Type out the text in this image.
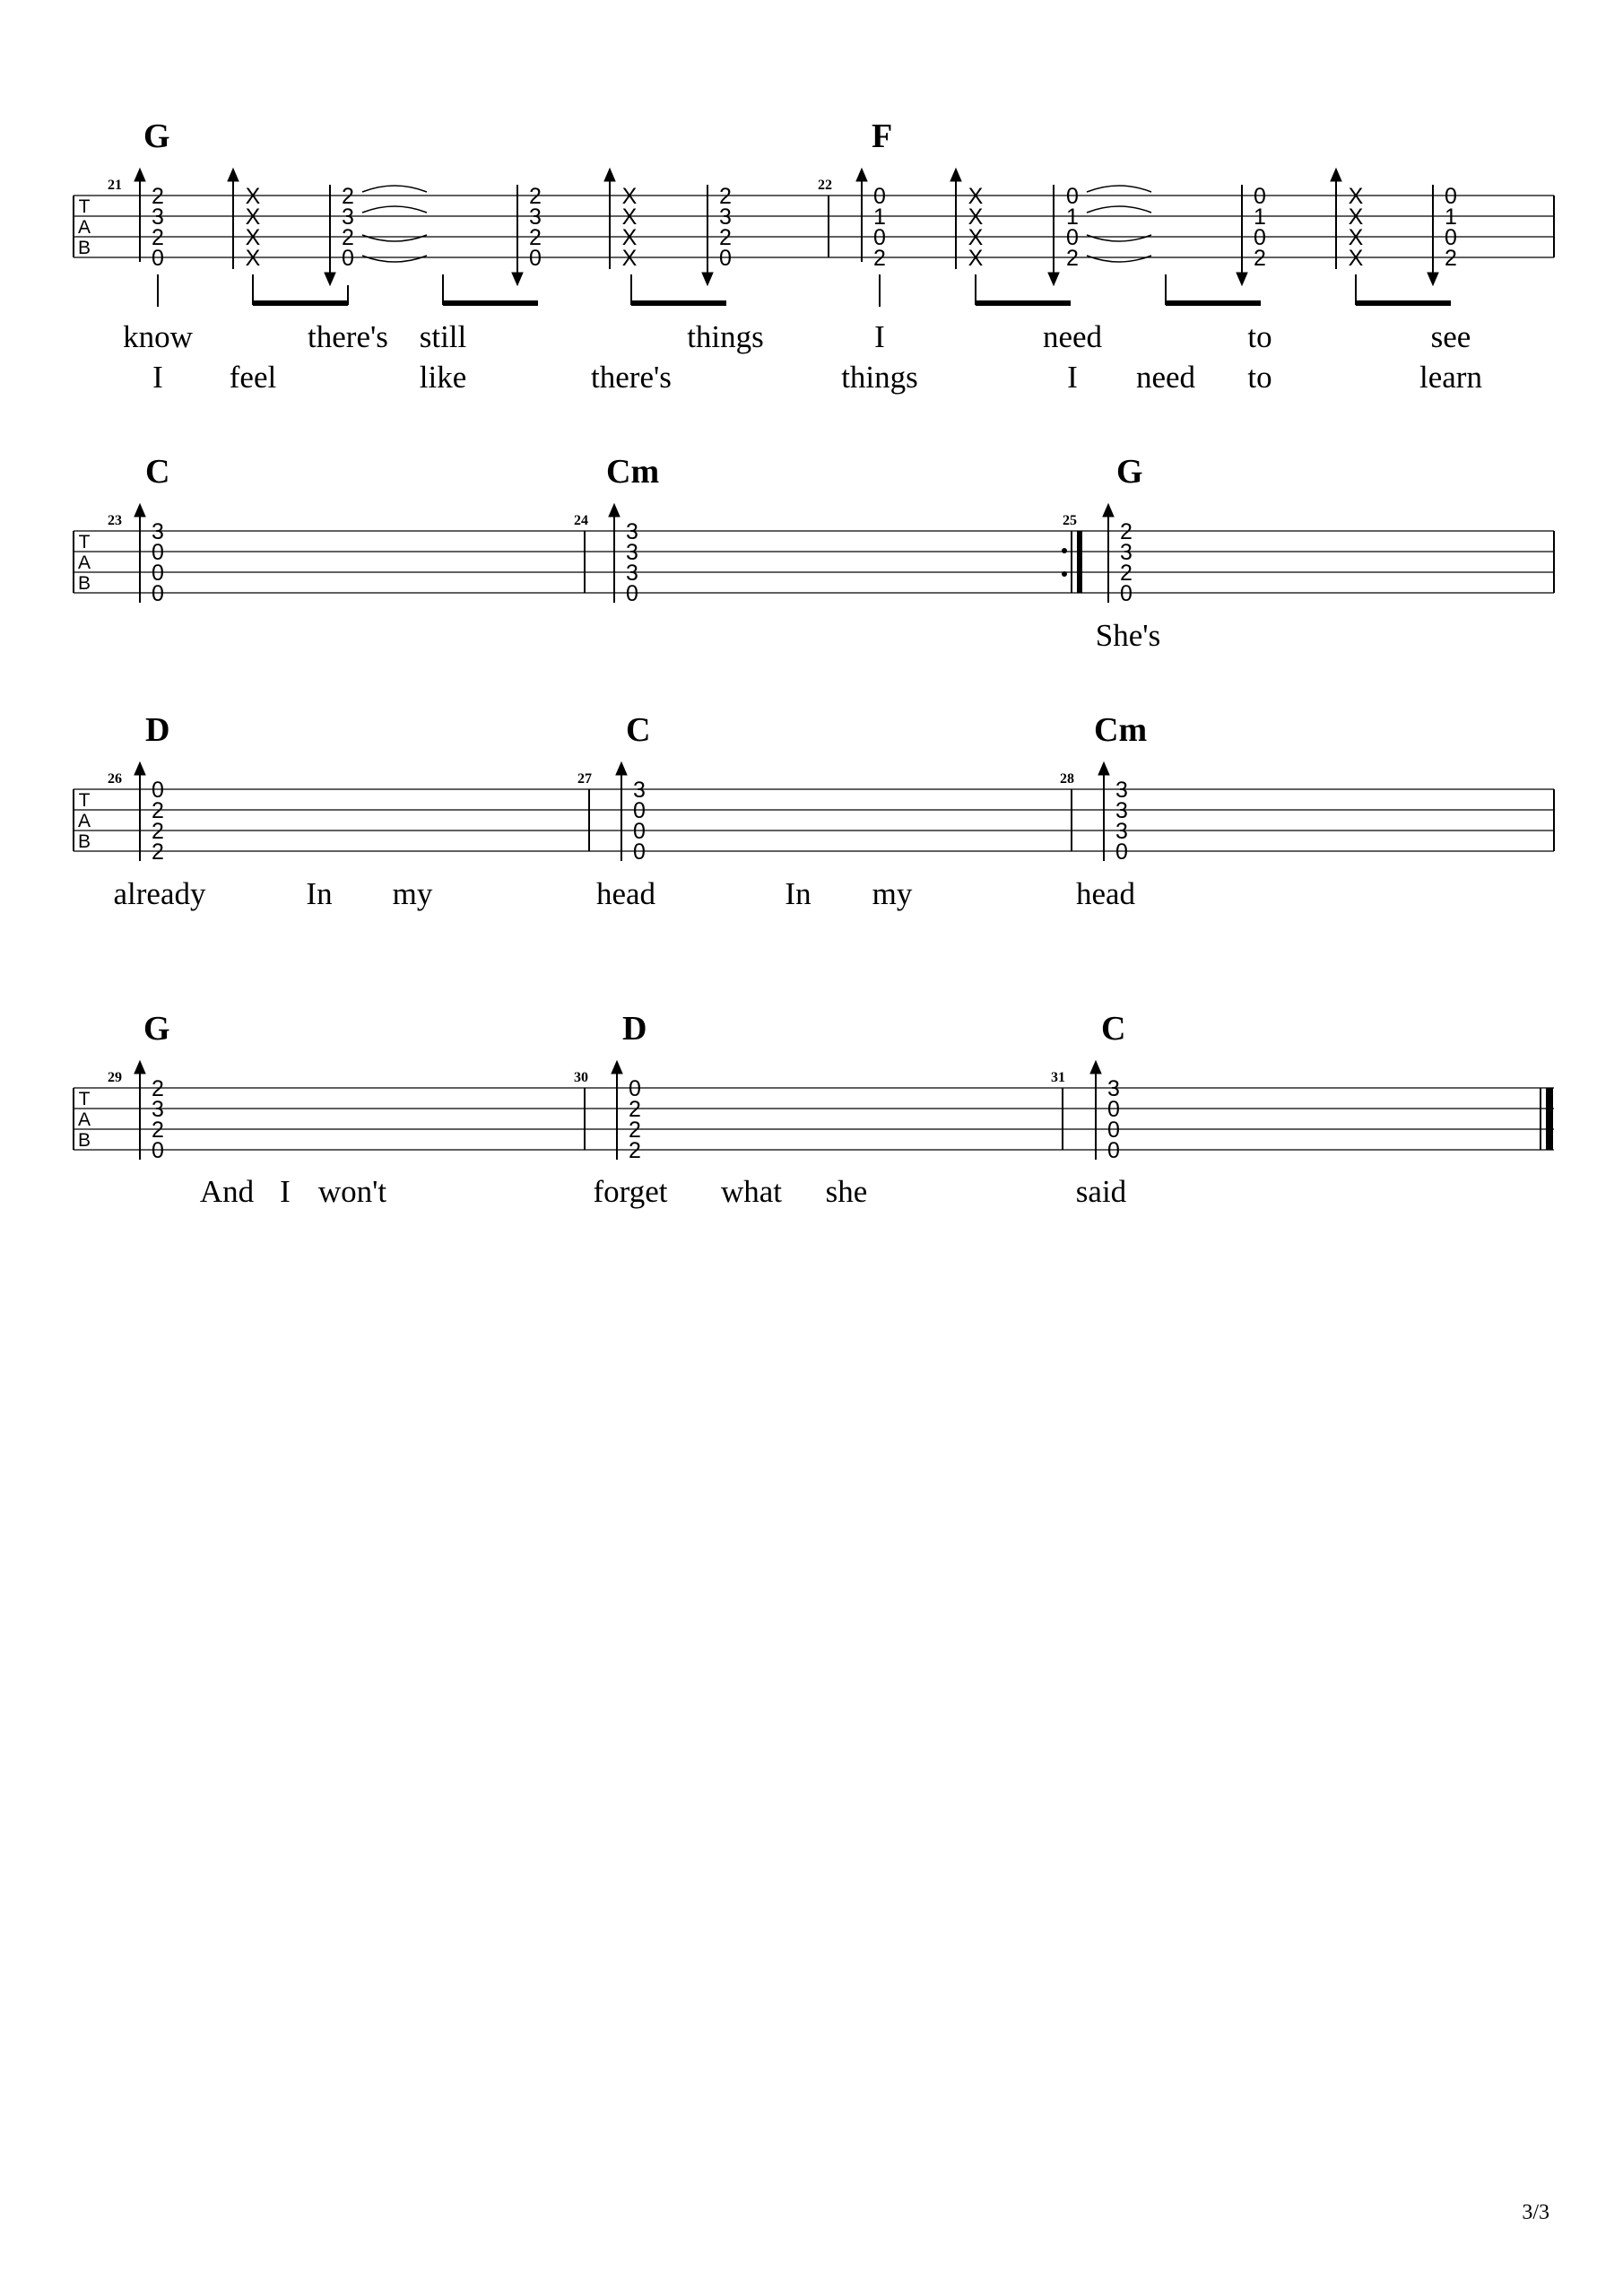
T
A
B
G	F
21	22
2
3
2
0
X
X
X
X
2
3
2
0
2
3
2
0
X
X
X
X
2
3
2
0
0
1
0
2
X
X
X
X
0
1
0
2
0
1
0
2
X
X
X
X
0
1
0
2
know	there's still	things	I	need	to	see
I feel	like	there's	things	I need to	learn
T
A
B
C	Cm	G
23	24	25
3
0
0
0
3
3
3
0
2
3
2
0
She's
T
A
B
D	C	Cm
26	27	28
0
2
2
2
3
0
0
0
3
3
3
0
already	In my	head	In my	head
T
A
B
G	D	C
29	30	31
2
3
2
0
0
2
2
2
3
0
0
0
And I won't	forget what she	said
3/3
